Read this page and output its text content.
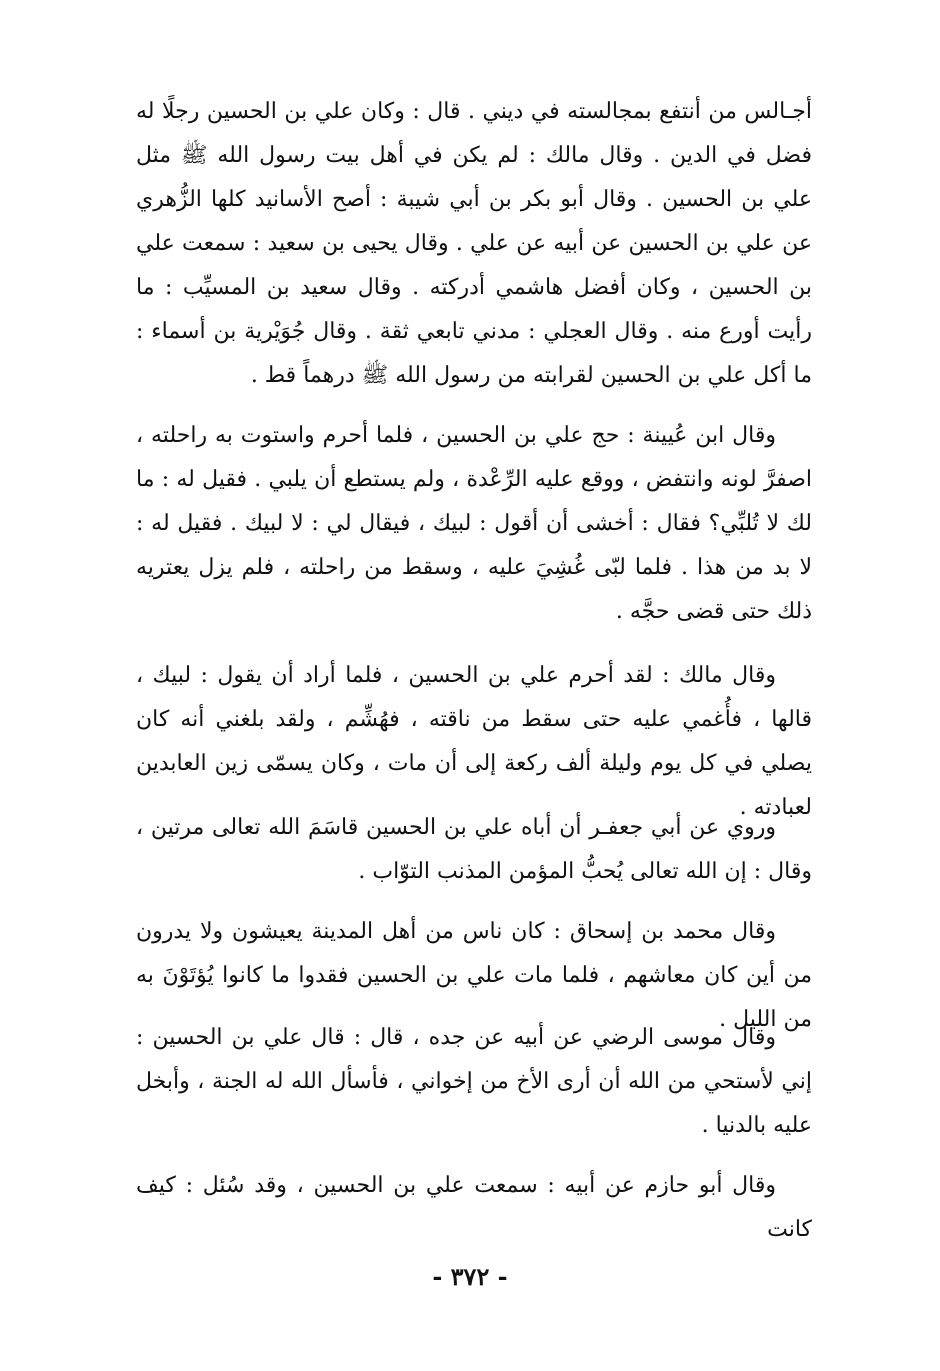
أجـالس من أنتفع بمجالسته في ديني . قال : وكان علي بن الحسين رجلًا له فضل في الدين . وقال مالك : لم يكن في أهل بيت رسول الله ﷺ مثل علي بن الحسين . وقال أبو بكر بن أبي شيبة : أصح الأسانيد كلها الزُّهري عن علي بن الحسين عن أبيه عن علي . وقال يحيى بن سعيد : سمعت علي بن الحسين ، وكان أفضل هاشمي أدركته . وقال سعيد بن المسيِّب : ما رأيت أورع منه . وقال العجلي : مدني تابعي ثقة . وقال جُوَيْرية بن أسماء : ما أكل علي بن الحسين لقرابته من رسول الله ﷺ درهماً قط .

وقال ابن عُيينة : حج علي بن الحسين ، فلما أحرم واستوت به راحلته ، اصفرَّ لونه وانتفض ، ووقع عليه الرِّعْدة ، ولم يستطع أن يلبي . فقيل له : ما لك لا تُلبِّي؟ فقال : أخشى أن أقول : لبيك ، فيقال لي : لا لبيك . فقيل له : لا بد من هذا . فلما لبّى غُشِيَ عليه ، وسقط من راحلته ، فلم يزل يعتريه ذلك حتى قضى حجَّه .

وقال مالك : لقد أحرم علي بن الحسين ، فلما أراد أن يقول : لبيك ، قالها ، فأُغمي عليه حتى سقط من ناقته ، فهُشِّم ، ولقد بلغني أنه كان يصلي في كل يوم وليلة ألف ركعة إلى أن مات ، وكان يسمّى زين العابدين لعبادته .

وروي عن أبي جعفـر أن أباه علي بن الحسين قاسَمَ الله تعالى مرتين ، وقال : إن الله تعالى يُحبُّ المؤمن المذنب التوّاب .

وقال محمد بن إسحاق : كان ناس من أهل المدينة يعيشون ولا يدرون من أين كان معاشهم ، فلما مات علي بن الحسين فقدوا ما كانوا يُؤتَوْنَ به من الليل .

وقال موسى الرضي عن أبيه عن جده ، قال : قال علي بن الحسين : إني لأستحي من الله أن أرى الأخ من إخواني ، فأسأل الله له الجنة ، وأبخل عليه بالدنيا .

وقال أبو حازم عن أبيه : سمعت علي بن الحسين ، وقد سُئل : كيف كانت

- ٣٧٢ -
